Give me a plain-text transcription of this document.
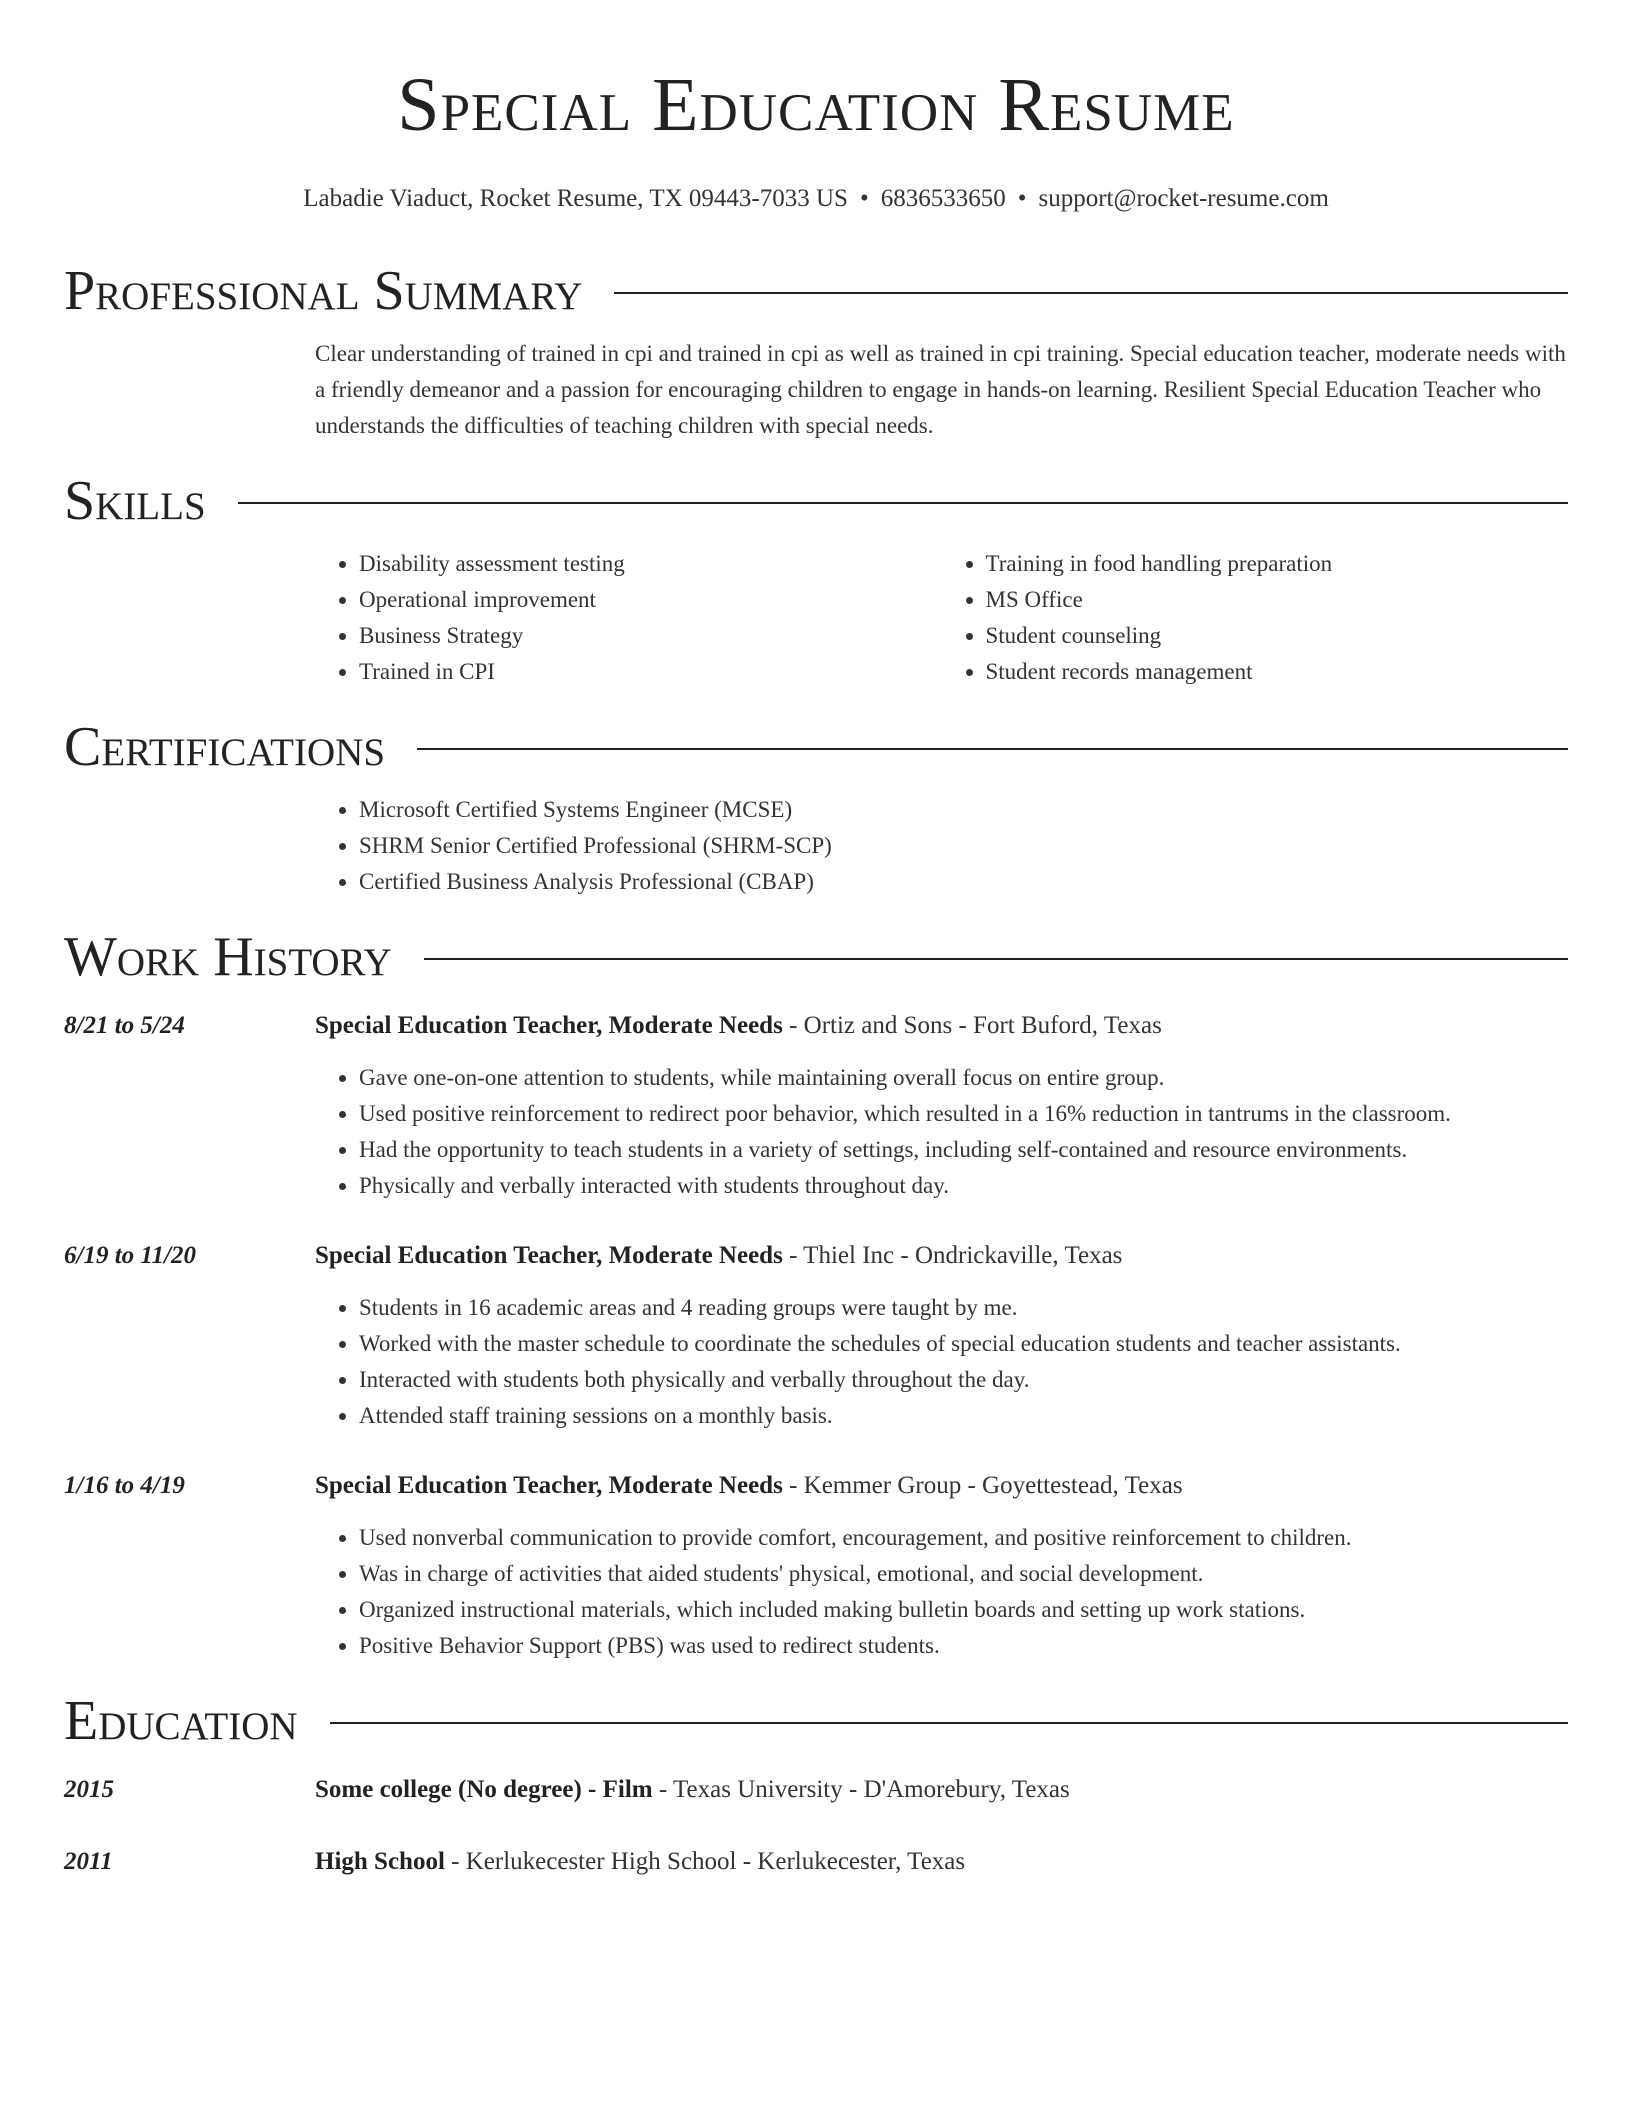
Special Education Resume
Labadie Viaduct, Rocket Resume, TX 09443-7033 US • 6836533650 • support@rocket-resume.com
Professional Summary

Clear understanding of trained in cpi and trained in cpi as well as trained in cpi training. Special education teacher, moderate needs with a friendly demeanor and a passion for encouraging children to engage in hands-on learning. Resilient Special Education Teacher who understands the difficulties of teaching children with special needs.

Skills
• Disability assessment testing
• Operational improvement
• Business Strategy
• Trained in CPI
• Training in food handling preparation
• MS Office
• Student counseling
• Student records management
Certifications
• Microsoft Certified Systems Engineer (MCSE)
• SHRM Senior Certified Professional (SHRM-SCP)
• Certified Business Analysis Professional (CBAP)
Work History
8/21 to 5/24	Special Education Teacher, Moderate Needs - Ortiz and Sons - Fort Buford, Texas
• Gave one-on-one attention to students, while maintaining overall focus on entire group.
• Used positive reinforcement to redirect poor behavior, which resulted in a 16% reduction in tantrums in the classroom.
• Had the opportunity to teach students in a variety of settings, including self-contained and resource environments.
• Physically and verbally interacted with students throughout day.
6/19 to 11/20	Special Education Teacher, Moderate Needs - Thiel Inc - Ondrickaville, Texas
• Students in 16 academic areas and 4 reading groups were taught by me.
• Worked with the master schedule to coordinate the schedules of special education students and teacher assistants.
• Interacted with students both physically and verbally throughout the day.
• Attended staff training sessions on a monthly basis.
1/16 to 4/19	Special Education Teacher, Moderate Needs - Kemmer Group - Goyettestead, Texas
• Used nonverbal communication to provide comfort, encouragement, and positive reinforcement to children.
• Was in charge of activities that aided students' physical, emotional, and social development.
• Organized instructional materials, which included making bulletin boards and setting up work stations.
• Positive Behavior Support (PBS) was used to redirect students.
Education
2015	Some college (No degree) - Film - Texas University - D'Amorebury, Texas
2011	High School - Kerlukecester High School - Kerlukecester, Texas
